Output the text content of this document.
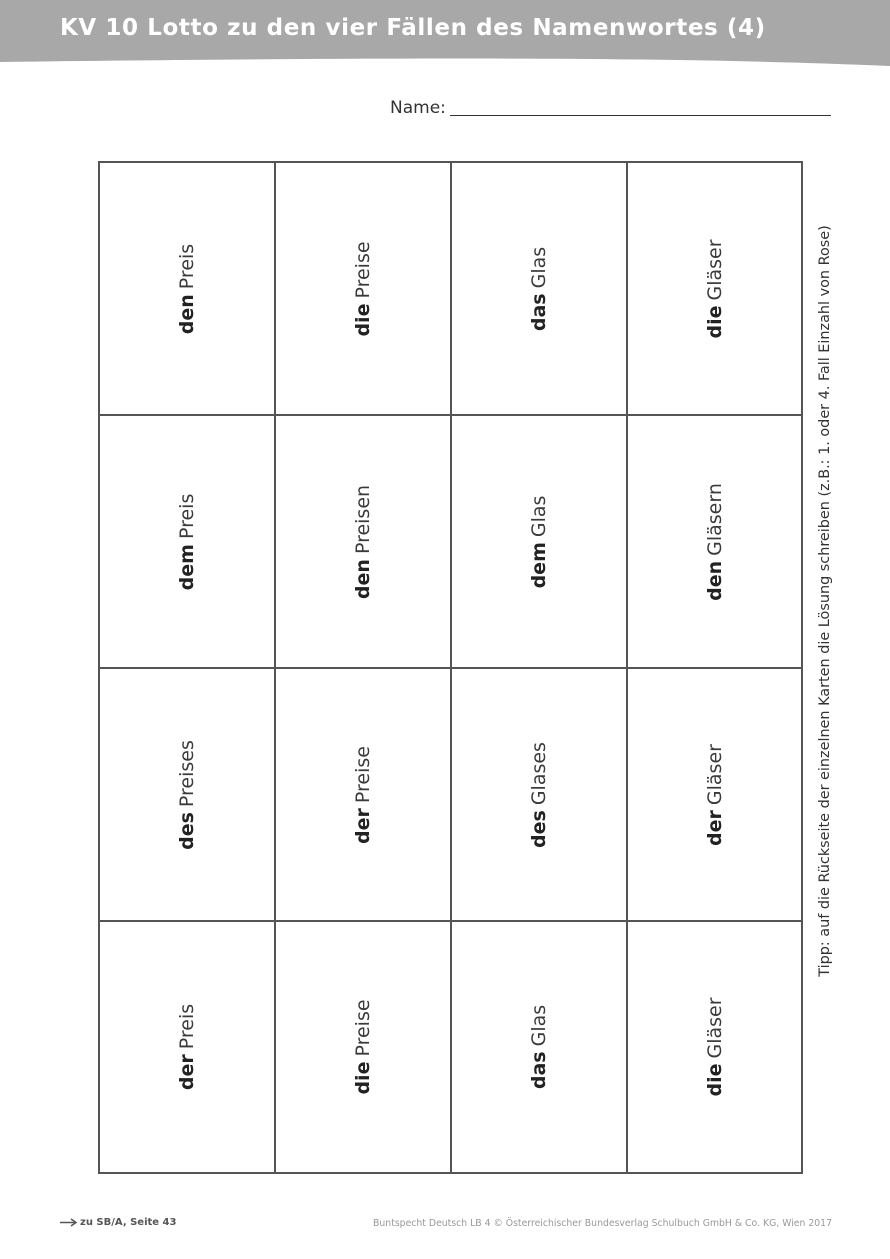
KV 10 Lotto zu den vier Fällen des Namenwortes (4)
Name:
denPreis
diePreise
dasGlas
dieGläser
demPreis
denPreisen
demGlas
denGläsern
desPreises
derPreise
desGlases
derGläser
derPreis
diePreise
dasGlas
dieGläser
Tipp: auf die Rückseite der einzelnen Karten die Lösung schreiben (z.B.: 1. oder 4. Fall Einzahl von Rose)
zu SB/A, Seite 43	Buntspecht Deutsch LB 4 © Österreichischer Bundesverlag Schulbuch GmbH & Co. KG, Wien 2017
